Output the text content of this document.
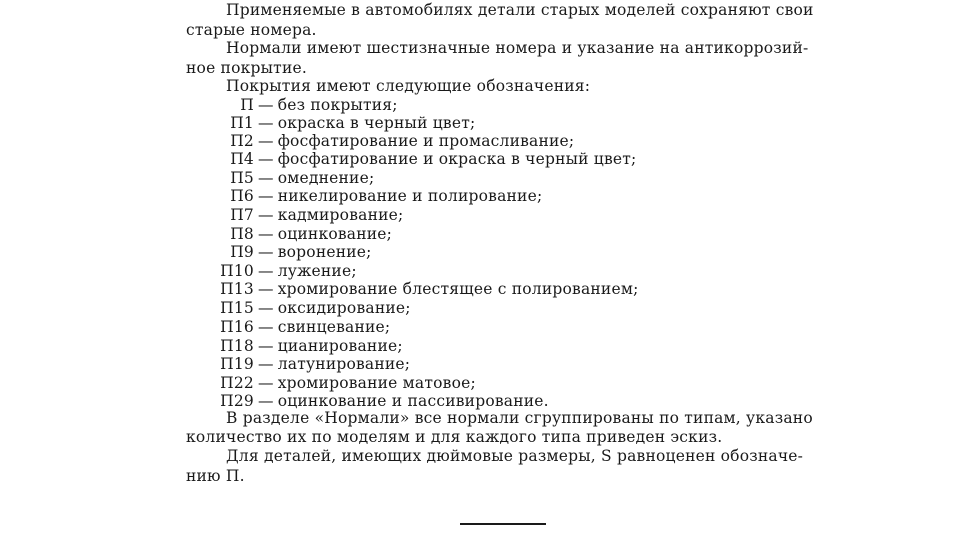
Применяемые в автомобилях детали старых моделей сохраняют свои
старые номера.
Нормали имеют шестизначные номера и указание на антикоррозий-
ное покрытие.
Покрытия имеют следующие обозначения:
П — без покрытия;
П1 — окраска в черный цвет;
П2 — фосфатирование и промасливание;
П4 — фосфатирование и окраска в черный цвет;
П5 — омеднение;
П6 — никелирование и полирование;
П7 — кадмирование;
П8 — оцинкование;
П9 — воронение;
П10 — лужение;
П13 — хромирование блестящее с полированием;
П15 — оксидирование;
П16 — свинцевание;
П18 — цианирование;
П19 — латунирование;
П22 — хромирование матовое;
П29 — оцинкование и пассивирование.
В разделе «Нормали» все нормали сгруппированы по типам, указано
количество их по моделям и для каждого типа приведен эскиз.
Для деталей, имеющих дюймовые размеры, S равноценен обозначе-
нию П.
